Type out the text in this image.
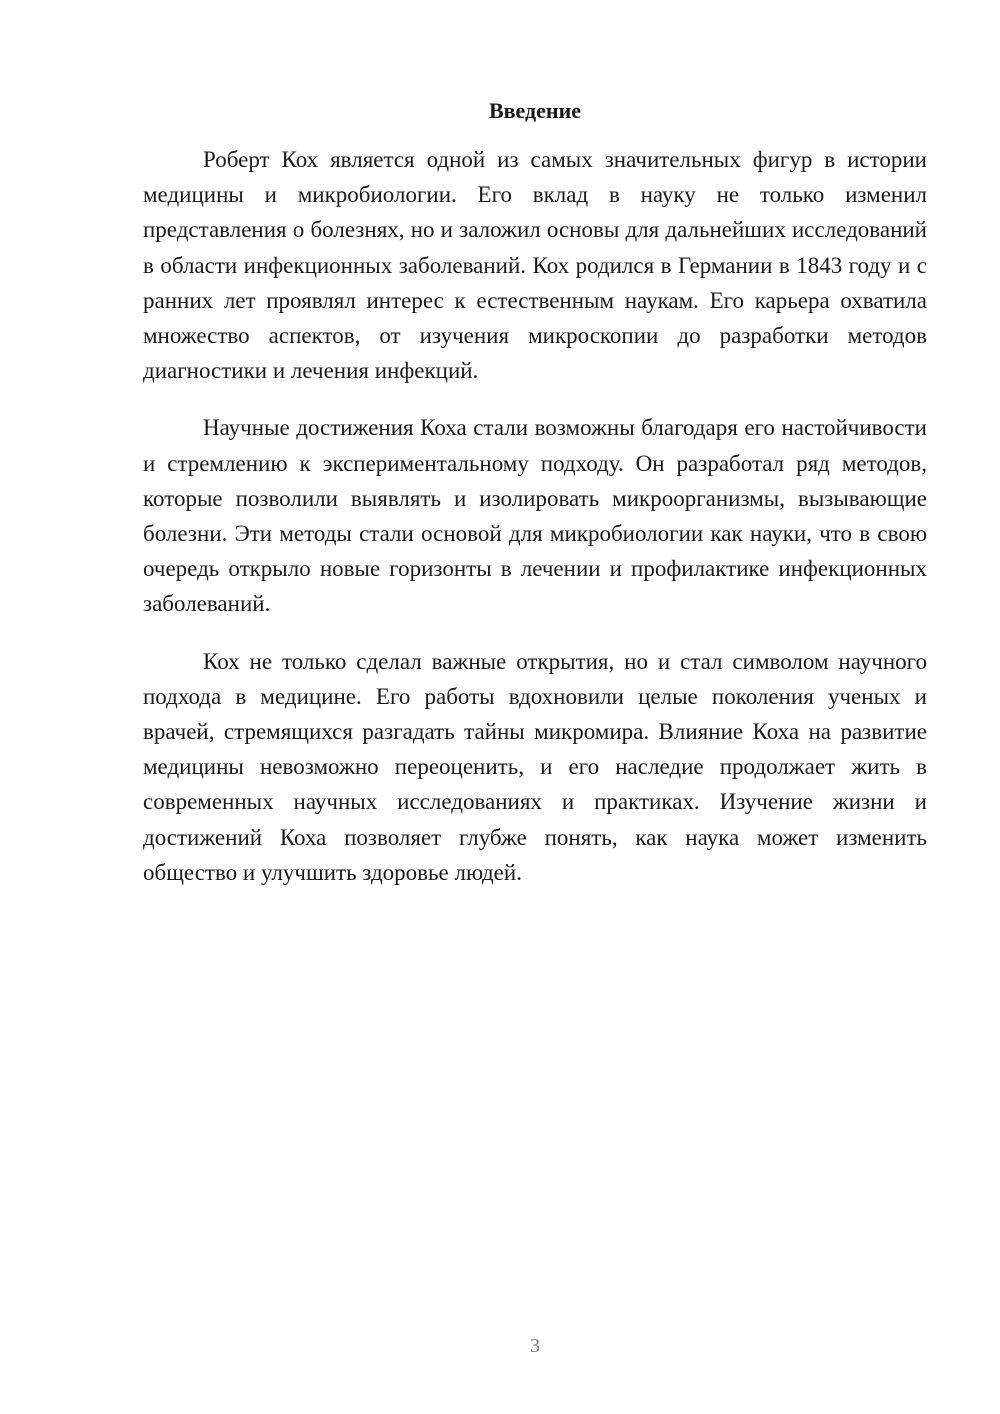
Введение

Роберт Кох является одной из самых значительных фигур в истории медицины и микробиологии. Его вклад в науку не только изменил представления о болезнях, но и заложил основы для дальнейших исследований в области инфекционных заболеваний. Кох родился в Германии в 1843 году и с ранних лет проявлял интерес к естественным наукам. Его карьера охватила множество аспектов, от изучения микроскопии до разработки методов диагностики и лечения инфекций.

Научные достижения Коха стали возможны благодаря его настойчивости и стремлению к экспериментальному подходу. Он разработал ряд методов, которые позволили выявлять и изолировать микроорганизмы, вызывающие болезни. Эти методы стали основой для микробиологии как науки, что в свою очередь открыло новые горизонты в лечении и профилактике инфекционных заболеваний.

Кох не только сделал важные открытия, но и стал символом научного подхода в медицине. Его работы вдохновили целые поколения ученых и врачей, стремящихся разгадать тайны микромира. Влияние Коха на развитие медицины невозможно переоценить, и его наследие продолжает жить в современных научных исследованиях и практиках. Изучение жизни и достижений Коха позволяет глубже понять, как наука может изменить общество и улучшить здоровье людей.

3
